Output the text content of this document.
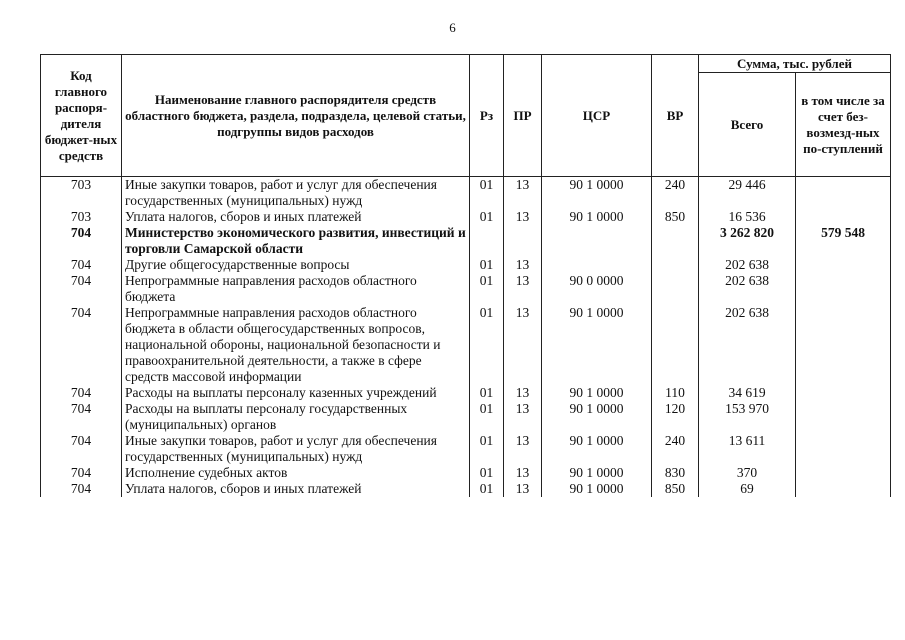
6
Код главного распоря-дителя бюджет-ных средств	Наименование главного распорядителя средств областного бюджета, раздела, подраздела, целевой статьи, подгруппы видов расходов	Рз	ПР	ЦСР	ВР	Сумма, тыс. рублей	
						Всего	в том числе за счет без-возмезд-ных по-ступлений
703	Иные закупки товаров, работ и услуг для обеспечения государственных (муниципальных) нужд	01	13	90 1 0000	240	29 446	
703	Уплата налогов, сборов и иных платежей	01	13	90 1 0000	850	16 536	
704	Министерство экономического развития, инвестиций и торговли Самарской области					3 262 820	579 548
704	Другие общегосударственные вопросы	01	13			202 638	
704	Непрограммные направления расходов областного бюджета	01	13	90 0 0000		202 638	
704	Непрограммные направления расходов областного бюджета в области общегосударственных вопросов, национальной обороны, национальной безопасности и правоохранительной деятельности, а также в сфере средств массовой информации	01	13	90 1 0000		202 638	
704	Расходы на выплаты персоналу казенных учреждений	01	13	90 1 0000	110	34 619	
704	Расходы на выплаты персоналу государственных (муниципальных) органов	01	13	90 1 0000	120	153 970	
704	Иные закупки товаров, работ и услуг для обеспечения государственных (муниципальных) нужд	01	13	90 1 0000	240	13 611	
704	Исполнение судебных актов	01	13	90 1 0000	830	370	
704	Уплата налогов, сборов и иных платежей	01	13	90 1 0000	850	69	
